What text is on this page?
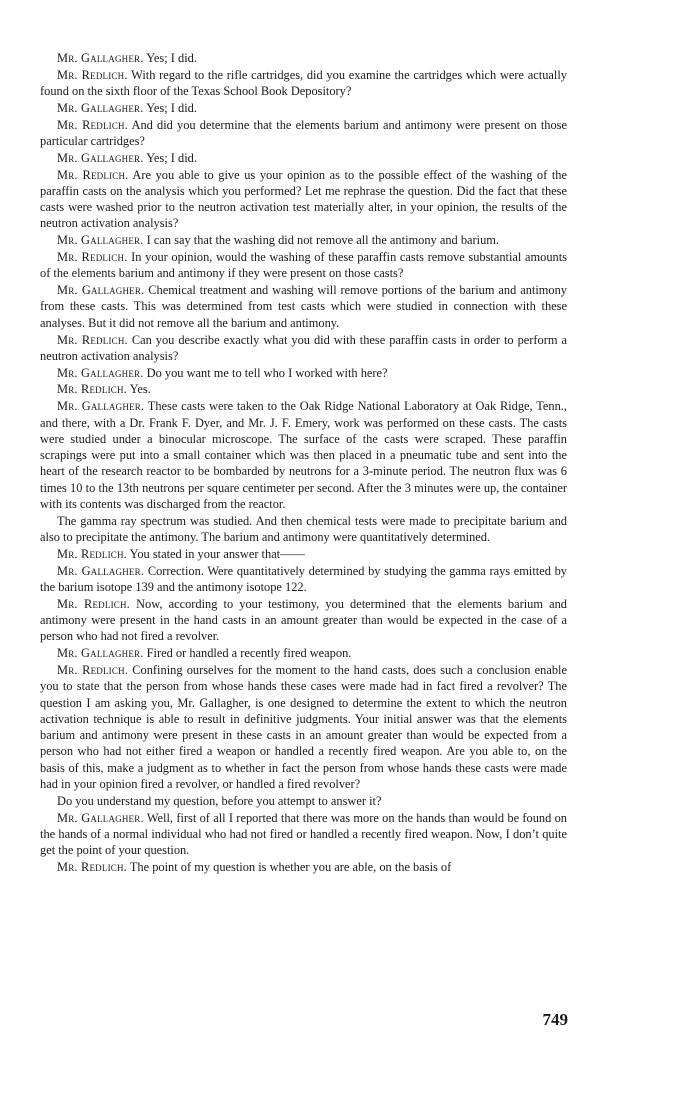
Mr. Gallagher. Yes; I did.

Mr. Redlich. With regard to the rifle cartridges, did you examine the cartridges which were actually found on the sixth floor of the Texas School Book Depository?

Mr. Gallagher. Yes; I did.

Mr. Redlich. And did you determine that the elements barium and antimony were present on those particular cartridges?

Mr. Gallagher. Yes; I did.

Mr. Redlich. Are you able to give us your opinion as to the possible effect of the washing of the paraffin casts on the analysis which you performed? Let me rephrase the question. Did the fact that these casts were washed prior to the neutron activation test materially alter, in your opinion, the results of the neutron activation analysis?

Mr. Gallagher. I can say that the washing did not remove all the antimony and barium.

Mr. Redlich. In your opinion, would the washing of these paraffin casts remove substantial amounts of the elements barium and antimony if they were present on those casts?

Mr. Gallagher. Chemical treatment and washing will remove portions of the barium and antimony from these casts. This was determined from test casts which were studied in connection with these analyses. But it did not remove all the barium and antimony.

Mr. Redlich. Can you describe exactly what you did with these paraffin casts in order to perform a neutron activation analysis?

Mr. Gallagher. Do you want me to tell who I worked with here?

Mr. Redlich. Yes.

Mr. Gallagher. These casts were taken to the Oak Ridge National Laboratory at Oak Ridge, Tenn., and there, with a Dr. Frank F. Dyer, and Mr. J. F. Emery, work was performed on these casts. The casts were studied under a binocular microscope. The surface of the casts were scraped. These paraffin scrapings were put into a small container which was then placed in a pneumatic tube and sent into the heart of the research reactor to be bombarded by neutrons for a 3-minute period. The neutron flux was 6 times 10 to the 13th neutrons per square centimeter per second. After the 3 minutes were up, the container with its contents was discharged from the reactor.

The gamma ray spectrum was studied. And then chemical tests were made to precipitate barium and also to precipitate the antimony. The barium and antimony were quantitatively determined.

Mr. Redlich. You stated in your answer that——

Mr. Gallagher. Correction. Were quantitatively determined by studying the gamma rays emitted by the barium isotope 139 and the antimony isotope 122.

Mr. Redlich. Now, according to your testimony, you determined that the elements barium and antimony were present in the hand casts in an amount greater than would be expected in the case of a person who had not fired a revolver.

Mr. Gallagher. Fired or handled a recently fired weapon.

Mr. Redlich. Confining ourselves for the moment to the hand casts, does such a conclusion enable you to state that the person from whose hands these cases were made had in fact fired a revolver? The question I am asking you, Mr. Gallagher, is one designed to determine the extent to which the neutron activation technique is able to result in definitive judgments. Your initial answer was that the elements barium and antimony were present in these casts in an amount greater than would be expected from a person who had not either fired a weapon or handled a recently fired weapon. Are you able to, on the basis of this, make a judgment as to whether in fact the person from whose hands these casts were made had in your opinion fired a revolver, or handled a fired revolver?

Do you understand my question, before you attempt to answer it?

Mr. Gallagher. Well, first of all I reported that there was more on the hands than would be found on the hands of a normal individual who had not fired or handled a recently fired weapon. Now, I don’t quite get the point of your question.

Mr. Redlich. The point of my question is whether you are able, on the basis of

749
